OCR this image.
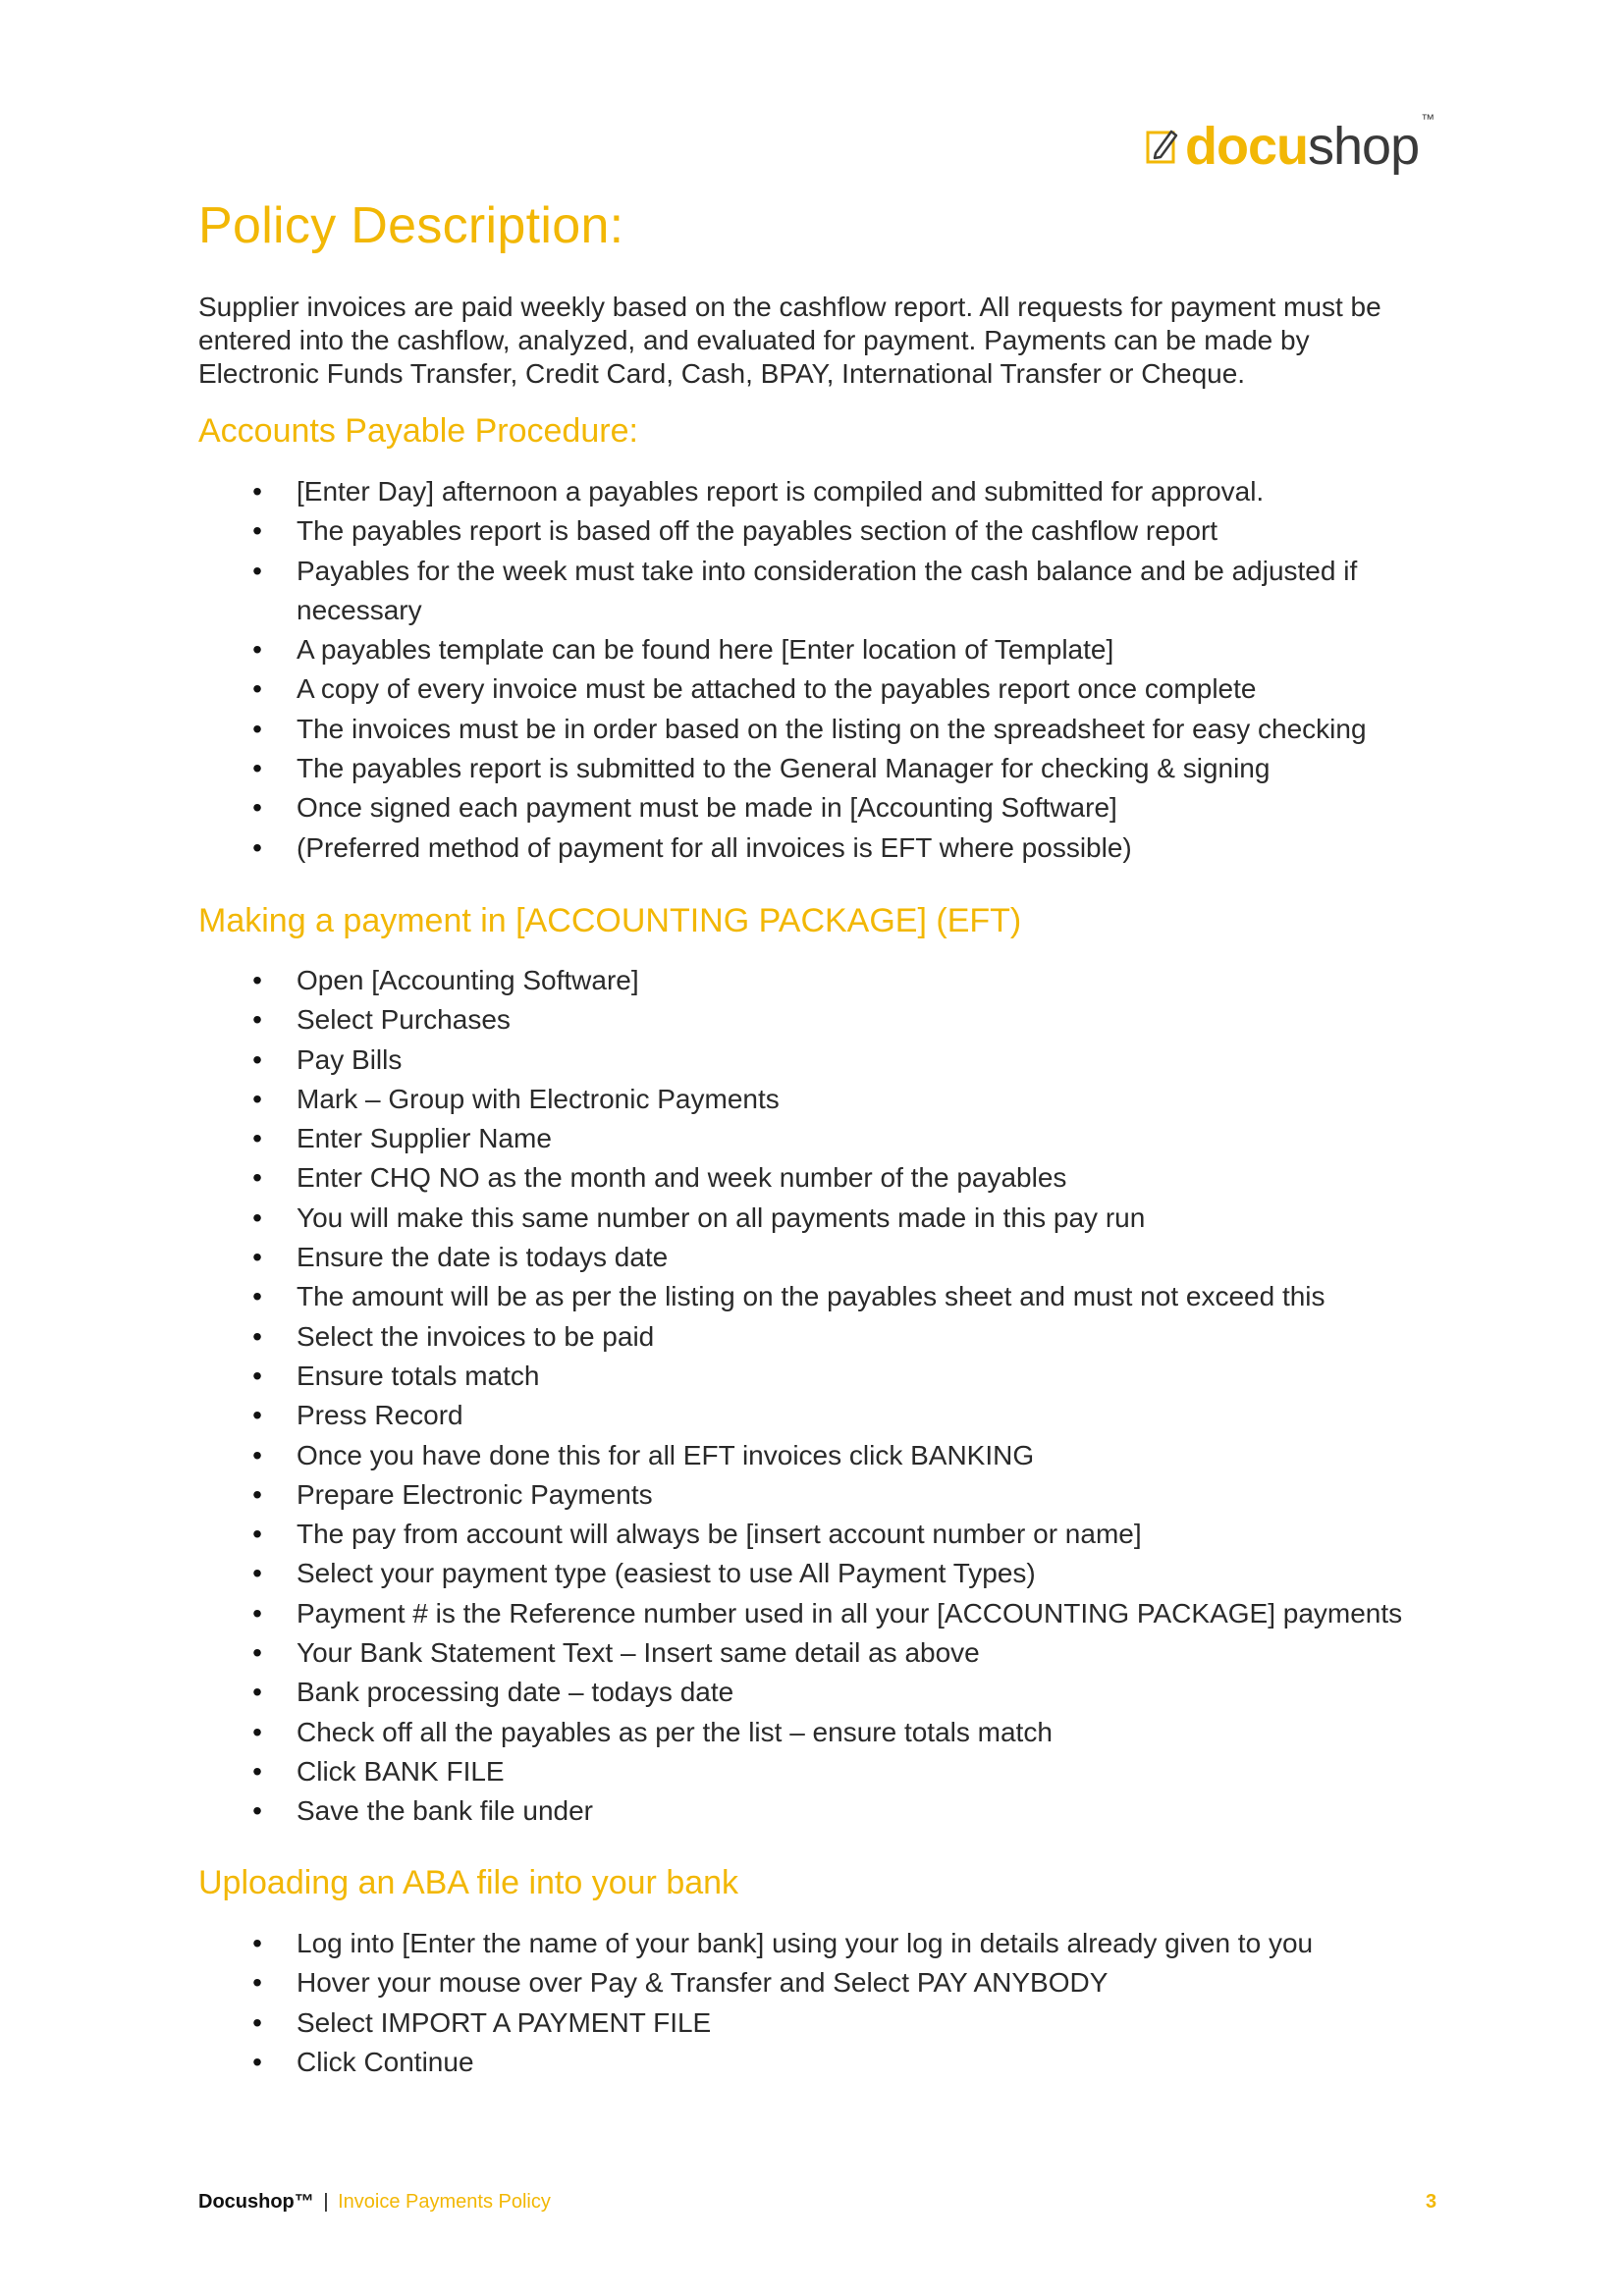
docushop ™
Policy Description:

Supplier invoices are paid weekly based on the cashflow report. All requests for payment must be entered into the cashflow, analyzed, and evaluated for payment. Payments can be made by Electronic Funds Transfer, Credit Card, Cash, BPAY, International Transfer or Cheque.

Accounts Payable Procedure:
• [Enter Day] afternoon a payables report is compiled and submitted for approval.
• The payables report is based off the payables section of the cashflow report
• Payables for the week must take into consideration the cash balance and be adjusted if necessary
• A payables template can be found here [Enter location of Template]
• A copy of every invoice must be attached to the payables report once complete
• The invoices must be in order based on the listing on the spreadsheet for easy checking
• The payables report is submitted to the General Manager for checking & signing
• Once signed each payment must be made in [Accounting Software]
• (Preferred method of payment for all invoices is EFT where possible)
Making a payment in [ACCOUNTING PACKAGE] (EFT)
• Open [Accounting Software]
• Select Purchases
• Pay Bills
• Mark – Group with Electronic Payments
• Enter Supplier Name
• Enter CHQ NO as the month and week number of the payables
• You will make this same number on all payments made in this pay run
• Ensure the date is todays date
• The amount will be as per the listing on the payables sheet and must not exceed this
• Select the invoices to be paid
• Ensure totals match
• Press Record
• Once you have done this for all EFT invoices click BANKING
• Prepare Electronic Payments
• The pay from account will always be [insert account number or name]
• Select your payment type (easiest to use All Payment Types)
• Payment # is the Reference number used in all your [ACCOUNTING PACKAGE] payments
• Your Bank Statement Text – Insert same detail as above
• Bank processing date – todays date
• Check off all the payables as per the list – ensure totals match
• Click BANK FILE
• Save the bank file under
Uploading an ABA file into your bank
• Log into [Enter the name of your bank] using your log in details already given to you
• Hover your mouse over Pay & Transfer and Select PAY ANYBODY
• Select IMPORT A PAYMENT FILE
• Click Continue
Docushop™ | Invoice Payments Policy	3
